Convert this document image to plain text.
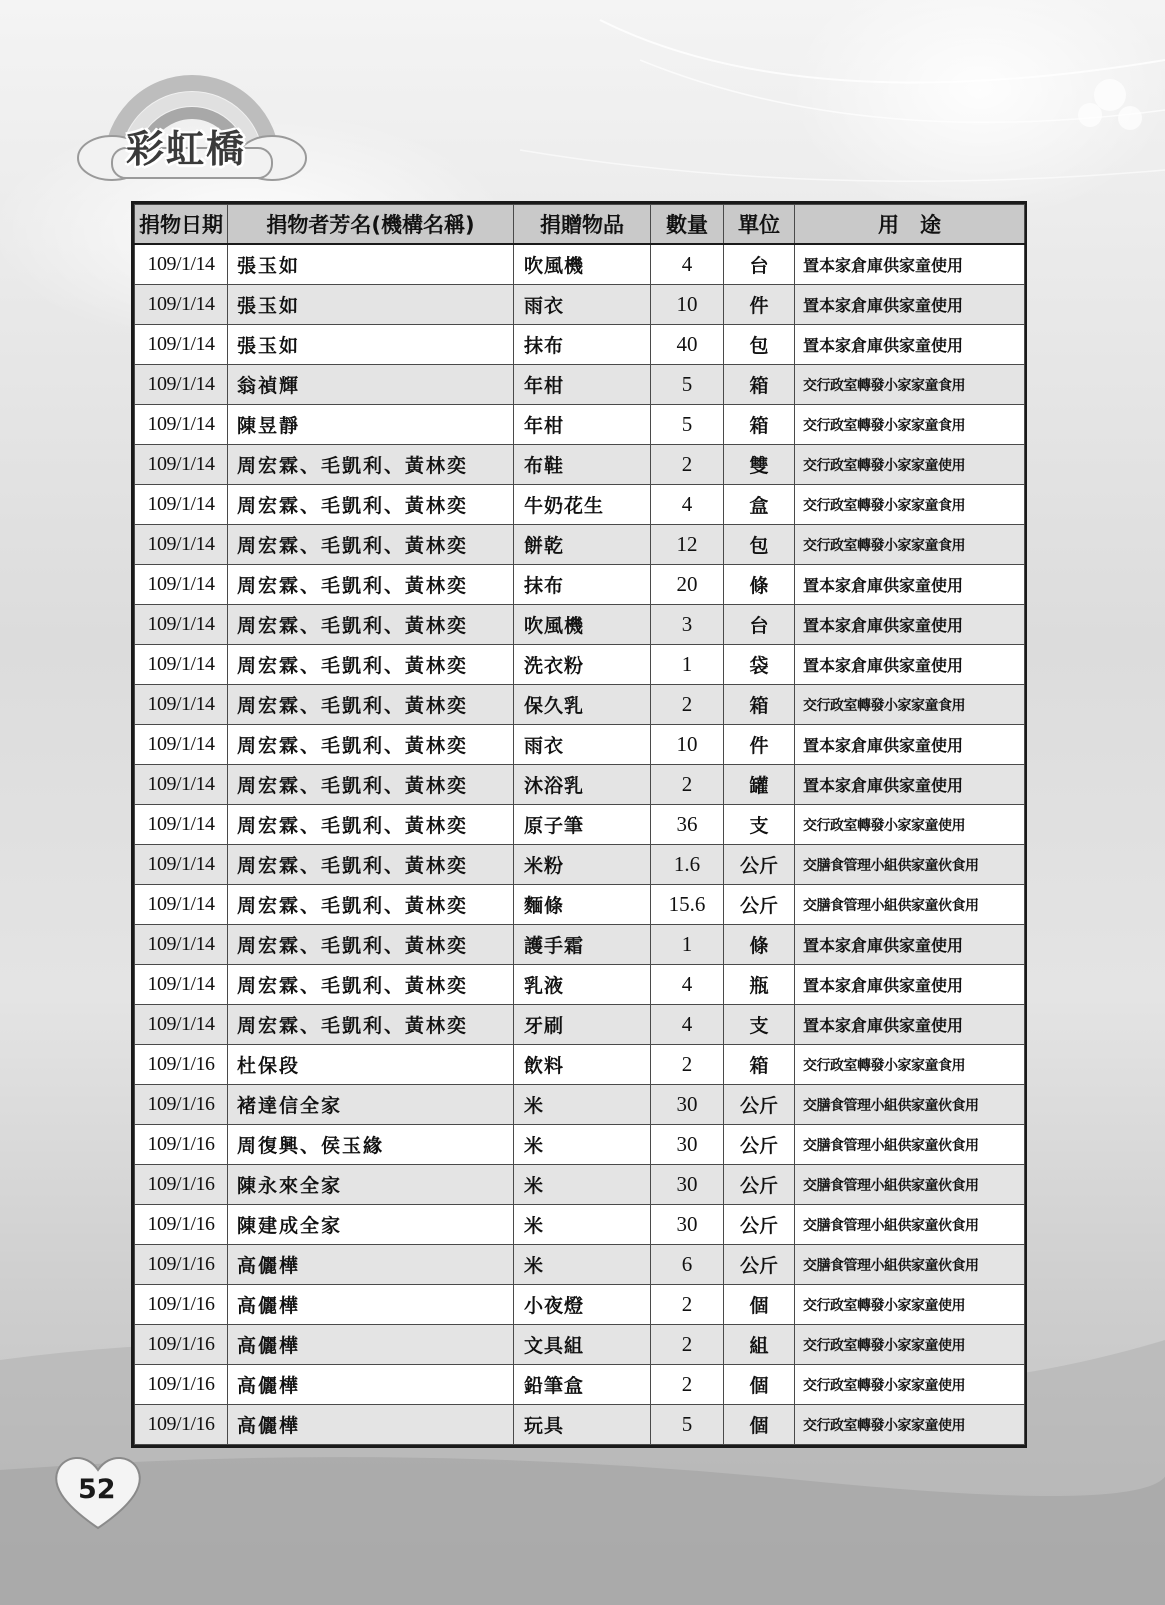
彩虹橋
捐物日期	捐物者芳名(機構名稱)	捐贈物品	數量	單位	用　途
109/1/14	張玉如	吹風機	4	台	置本家倉庫供家童使用
109/1/14	張玉如	雨衣	10	件	置本家倉庫供家童使用
109/1/14	張玉如	抹布	40	包	置本家倉庫供家童使用
109/1/14	翁禎輝	年柑	5	箱	交行政室轉發小家家童食用
109/1/14	陳昱靜	年柑	5	箱	交行政室轉發小家家童食用
109/1/14	周宏霖、毛凱利、黃林奕	布鞋	2	雙	交行政室轉發小家家童使用
109/1/14	周宏霖、毛凱利、黃林奕	牛奶花生	4	盒	交行政室轉發小家家童食用
109/1/14	周宏霖、毛凱利、黃林奕	餅乾	12	包	交行政室轉發小家家童食用
109/1/14	周宏霖、毛凱利、黃林奕	抹布	20	條	置本家倉庫供家童使用
109/1/14	周宏霖、毛凱利、黃林奕	吹風機	3	台	置本家倉庫供家童使用
109/1/14	周宏霖、毛凱利、黃林奕	洗衣粉	1	袋	置本家倉庫供家童使用
109/1/14	周宏霖、毛凱利、黃林奕	保久乳	2	箱	交行政室轉發小家家童食用
109/1/14	周宏霖、毛凱利、黃林奕	雨衣	10	件	置本家倉庫供家童使用
109/1/14	周宏霖、毛凱利、黃林奕	沐浴乳	2	罐	置本家倉庫供家童使用
109/1/14	周宏霖、毛凱利、黃林奕	原子筆	36	支	交行政室轉發小家家童使用
109/1/14	周宏霖、毛凱利、黃林奕	米粉	1.6	公斤	交膳食管理小組供家童伙食用
109/1/14	周宏霖、毛凱利、黃林奕	麵條	15.6	公斤	交膳食管理小組供家童伙食用
109/1/14	周宏霖、毛凱利、黃林奕	護手霜	1	條	置本家倉庫供家童使用
109/1/14	周宏霖、毛凱利、黃林奕	乳液	4	瓶	置本家倉庫供家童使用
109/1/14	周宏霖、毛凱利、黃林奕	牙刷	4	支	置本家倉庫供家童使用
109/1/16	杜保段	飲料	2	箱	交行政室轉發小家家童食用
109/1/16	褚達信全家	米	30	公斤	交膳食管理小組供家童伙食用
109/1/16	周復興、侯玉緣	米	30	公斤	交膳食管理小組供家童伙食用
109/1/16	陳永來全家	米	30	公斤	交膳食管理小組供家童伙食用
109/1/16	陳建成全家	米	30	公斤	交膳食管理小組供家童伙食用
109/1/16	高儷樺	米	6	公斤	交膳食管理小組供家童伙食用
109/1/16	高儷樺	小夜燈	2	個	交行政室轉發小家家童使用
109/1/16	高儷樺	文具組	2	組	交行政室轉發小家家童使用
109/1/16	高儷樺	鉛筆盒	2	個	交行政室轉發小家家童使用
109/1/16	高儷樺	玩具	5	個	交行政室轉發小家家童使用
52
